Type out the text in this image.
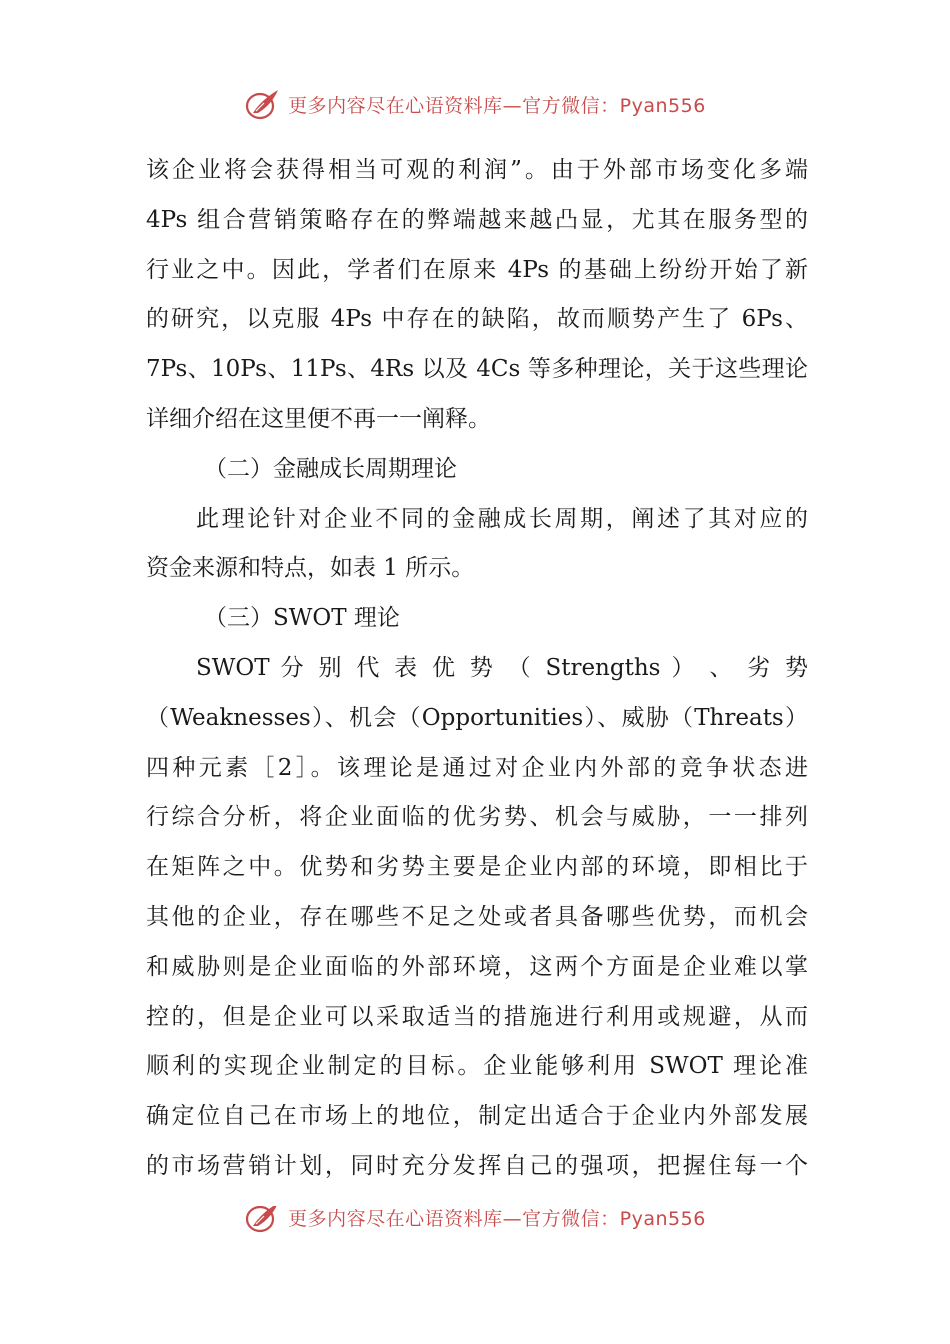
更多内容尽在心语资料库—官方微信：Pyan556
该企业将会获得相当可观的利润”。由于外部市场变化多端
4Ps 组合营销策略存在的弊端越来越凸显，尤其在服务型的
行业之中。因此，学者们在原来 4Ps 的基础上纷纷开始了新
的研究，以克服 4Ps 中存在的缺陷，故而顺势产生了 6Ps、
7Ps、10Ps、11Ps、4Rs 以及 4Cs 等多种理论，关于这些理论
详细介绍在这里便不再一一阐释。
（二）金融成长周期理论
此理论针对企业不同的金融成长周期，阐述了其对应的
资金来源和特点，如表 1 所示。
（三）SWOT 理论
SWOT 分 别 代 表 优 势 （ Strengths ） 、 劣 势
（Weaknesses）、机会（Opportunities）、威胁（Threats）
四种元素［2］。该理论是通过对企业内外部的竞争状态进
行综合分析，将企业面临的优劣势、机会与威胁，一一排列
在矩阵之中。优势和劣势主要是企业内部的环境，即相比于
其他的企业，存在哪些不足之处或者具备哪些优势，而机会
和威胁则是企业面临的外部环境，这两个方面是企业难以掌
控的，但是企业可以采取适当的措施进行利用或规避，从而
顺利的实现企业制定的目标。企业能够利用 SWOT 理论准
确定位自己在市场上的地位，制定出适合于企业内外部发展
的市场营销计划，同时充分发挥自己的强项，把握住每一个
更多内容尽在心语资料库—官方微信：Pyan556
